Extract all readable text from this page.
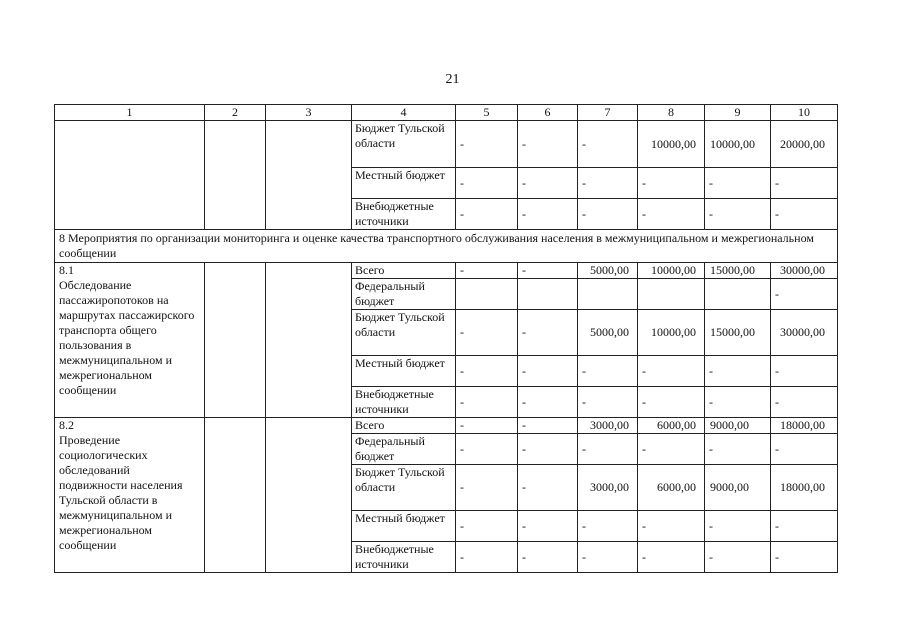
21
1	2	3	4	5	6	7	8	9	10
			Бюджет Тульской области	-	-	-	10000,00	10000,00	20000,00
			Местный бюджет	-	-	-	-	-	-
			Внебюджетные источники	-	-	-	-	-	-
8 Мероприятия по организации мониторинга и оценке качества транспортного обслуживания населения в межмуниципальном и межрегиональном сообщении									

8.1
Обследование пассажиропотоков на маршрутах пассажирского транспорта общего пользования в межмуниципальном и межрегиональном сообщении			Всего	-	-	5000,00	10000,00	15000,00	30000,00
			Федеральный бюджет						-
			Бюджет Тульской области	-	-	5000,00	10000,00	15000,00	30000,00
			Местный бюджет	-	-	-	-	-	-
			Внебюджетные источники	-	-	-	-	-	-

8.2
Проведение социологических обследований подвижности населения Тульской области в межмуниципальном и межрегиональном сообщении			Всего	-	-	3000,00	6000,00	9000,00	18000,00
			Федеральный бюджет	-	-	-	-	-	-
			Бюджет Тульской области	-	-	3000,00	6000,00	9000,00	18000,00
			Местный бюджет	-	-	-	-	-	-
			Внебюджетные источники	-	-	-	-	-	-
